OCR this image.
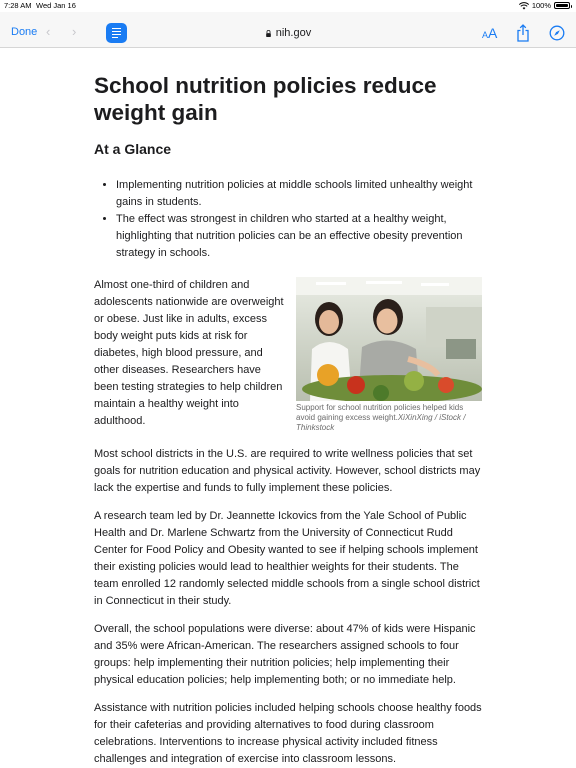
7:28 AM Wed Jan 16	100%
Done ‹ ›	nih.gov	AA
School nutrition policies reduce weight gain
At a Glance
• Implementing nutrition policies at middle schools limited unhealthy weight gains in students.
• The effect was strongest in children who started at a healthy weight, highlighting that nutrition policies can be an effective obesity prevention strategy in schools.

Almost one-third of children and adolescents nationwide are overweight or obese. Just like in adults, excess body weight puts kids at risk for diabetes, high blood pressure, and other diseases. Researchers have been testing strategies to help children maintain a healthy weight into adulthood.

Support for school nutrition policies helped kids avoid gaining excess weight.XiXinXing / iStock / Thinkstock

Most school districts in the U.S. are required to write wellness policies that set goals for nutrition education and physical activity. However, school districts may lack the expertise and funds to fully implement these policies.

A research team led by Dr. Jeannette Ickovics from the Yale School of Public Health and Dr. Marlene Schwartz from the University of Connecticut Rudd Center for Food Policy and Obesity wanted to see if helping schools implement their existing policies would lead to healthier weights for their students. The team enrolled 12 randomly selected middle schools from a single school district in Connecticut in their study.

Overall, the school populations were diverse: about 47% of kids were Hispanic and 35% were African-American. The researchers assigned schools to four groups: help implementing their nutrition policies; help implementing their physical education policies; help implementing both; or no immediate help.

Assistance with nutrition policies included helping schools choose healthy foods for their cafeterias and providing alternatives to food during classroom celebrations. Interventions to increase physical activity included fitness challenges and integration of exercise into classroom lessons.
